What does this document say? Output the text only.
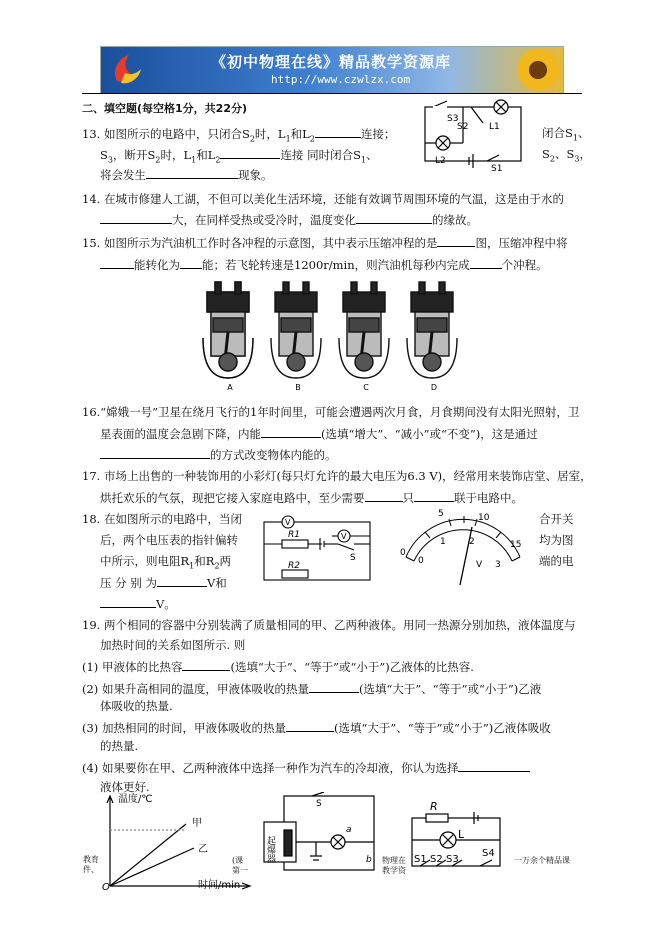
《初中物理在线》精品教学资源库
http://www.czwlzx.com
二、填空题(每空格1分，共22分)
13. 如图所示的电路中，只闭合$S_2$时，$L_1$和$L_2$	连接；	闭合$S_1$、
$S_3$，断开$S_2$时，$L_1$和$L_2$	连接 同时闭合$S_1$、	$S_2$、$S_3$，
将会发生	现象。
S3
S2 L1
L2
S1
14. 在城市修建人工湖，不但可以美化生活环境，还能有效调节周围环境的气温，这是由于水的
大，在同样受热或受冷时，温度变化	的缘故。
15. 如图所示为汽油机工作时各冲程的示意图，其中表示压缩冲程的是	图，压缩冲程中将
能转化为 能；若飞轮转速是1200r/min，则汽油机每秒内完成	个冲程。
A	B	C	D
16.“嫦娥一号”卫星在绕月飞行的1年时间里，可能会遭遇两次月食，月食期间没有太阳光照射，卫
星表面的温度会急剧下降，内能	(选填“增大”、“减小”或“不变”)，这是通过
的方式改变物体内能的。
17. 市场上出售的一种装饰用的小彩灯(每只灯允许的最大电压为6.3 V)，经常用来装饰店堂、居室，
烘托欢乐的气氛，现把它接入家庭电路中，至少需要	只	联于电路中。
18. 在如图所示的电路中，当闭	合开关
后，两个电压表的指针偏转	均为图
中所示，则电阻$R_1$和$R_2$两	端的电
压 分 别 为	V和
V。
V
V
R1
R2
S	0
5	10
15
0
1	2
3
V
19. 两个相同的容器中分别装满了质量相同的甲、乙两种液体。用同一热源分别加热，液体温度与
加热时间的关系如图所示. 则
(1) 甲液体的比热容	(选填“大于”、“等于”或“小于”)乙液体的比热容.
(2) 如果升高相同的温度，甲液体吸收的热量	(选填“大于”、“等于”或“小于”)乙液
体吸收的热量.
(3) 加热相同的时间，甲液体吸收的热量	(选填“大于”、“等于”或“小于”)乙液体吸收
的热量.
(4) 如果要你在甲、乙两种液体中选择一种作为汽车的冷却液，你认为选择
液体更好.
温度/℃
甲
乙
时间/min
O
教育
件、
S
起爆器
a
b
(课
第一
R
L
S1 S2 S3
S4
物理在
教学资
一万余个精品课
